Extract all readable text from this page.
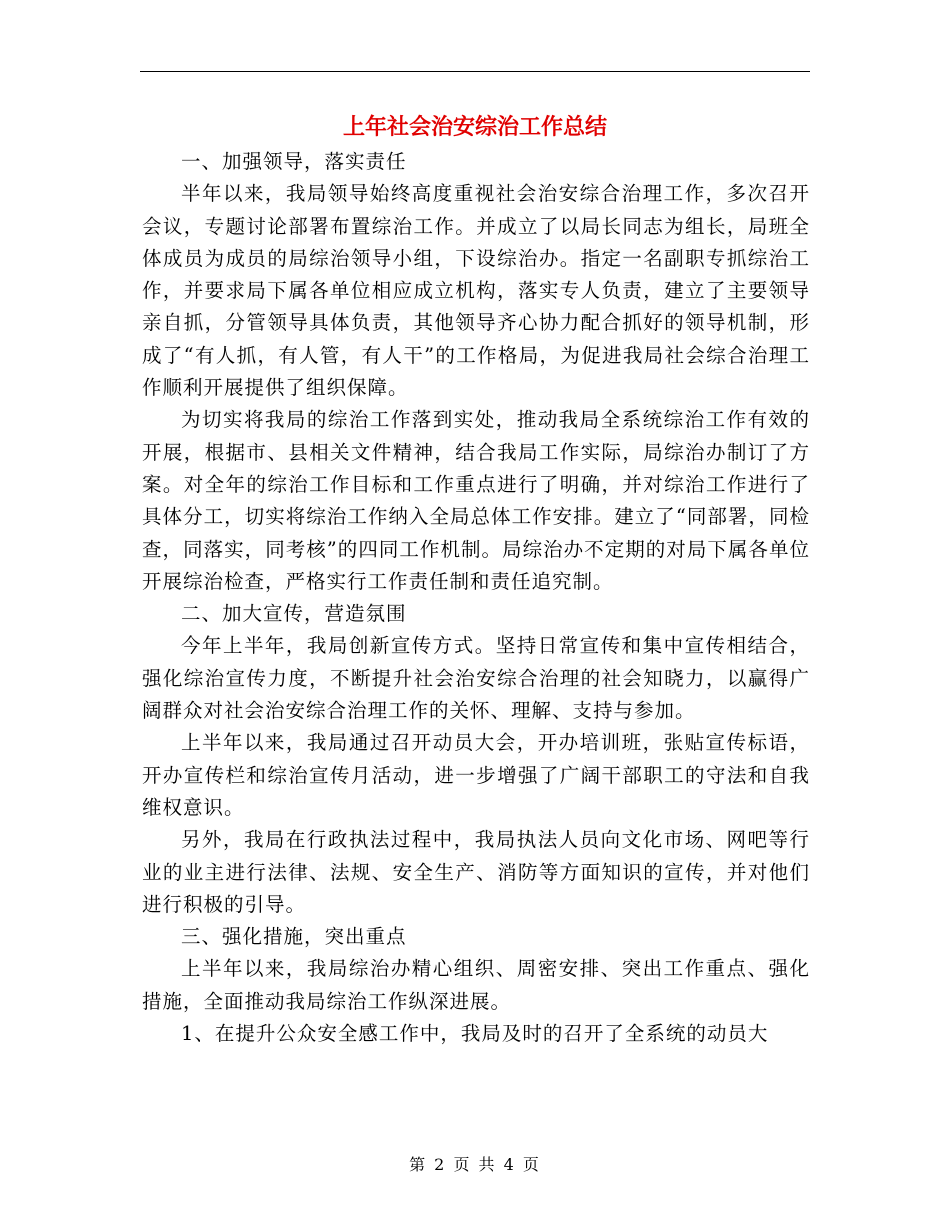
上年社会治安综治工作总结

一、加强领导，落实责任

半年以来，我局领导始终高度重视社会治安综合治理工作，多次召开会议，专题讨论部署布置综治工作。并成立了以局长同志为组长，局班全体成员为成员的局综治领导小组，下设综治办。指定一名副职专抓综治工作，并要求局下属各单位相应成立机构，落实专人负责，建立了主要领导亲自抓，分管领导具体负责，其他领导齐心协力配合抓好的领导机制，形成了“有人抓，有人管，有人干”的工作格局，为促进我局社会综合治理工作顺利开展提供了组织保障。

为切实将我局的综治工作落到实处，推动我局全系统综治工作有效的开展，根据市、县相关文件精神，结合我局工作实际，局综治办制订了方案。对全年的综治工作目标和工作重点进行了明确，并对综治工作进行了具体分工，切实将综治工作纳入全局总体工作安排。建立了“同部署，同检查，同落实，同考核”的四同工作机制。局综治办不定期的对局下属各单位开展综治检查，严格实行工作责任制和责任追究制。

二、加大宣传，营造氛围

今年上半年，我局创新宣传方式。坚持日常宣传和集中宣传相结合，强化综治宣传力度，不断提升社会治安综合治理的社会知晓力，以赢得广阔群众对社会治安综合治理工作的关怀、理解、支持与参加。

上半年以来，我局通过召开动员大会，开办培训班，张贴宣传标语，开办宣传栏和综治宣传月活动，进一步增强了广阔干部职工的守法和自我维权意识。

另外，我局在行政执法过程中，我局执法人员向文化市场、网吧等行业的业主进行法律、法规、安全生产、消防等方面知识的宣传，并对他们进行积极的引导。

三、强化措施，突出重点

上半年以来，我局综治办精心组织、周密安排、突出工作重点、强化措施，全面推动我局综治工作纵深进展。

1、在提升公众安全感工作中，我局及时的召开了全系统的动员大

第 2 页 共 4 页
